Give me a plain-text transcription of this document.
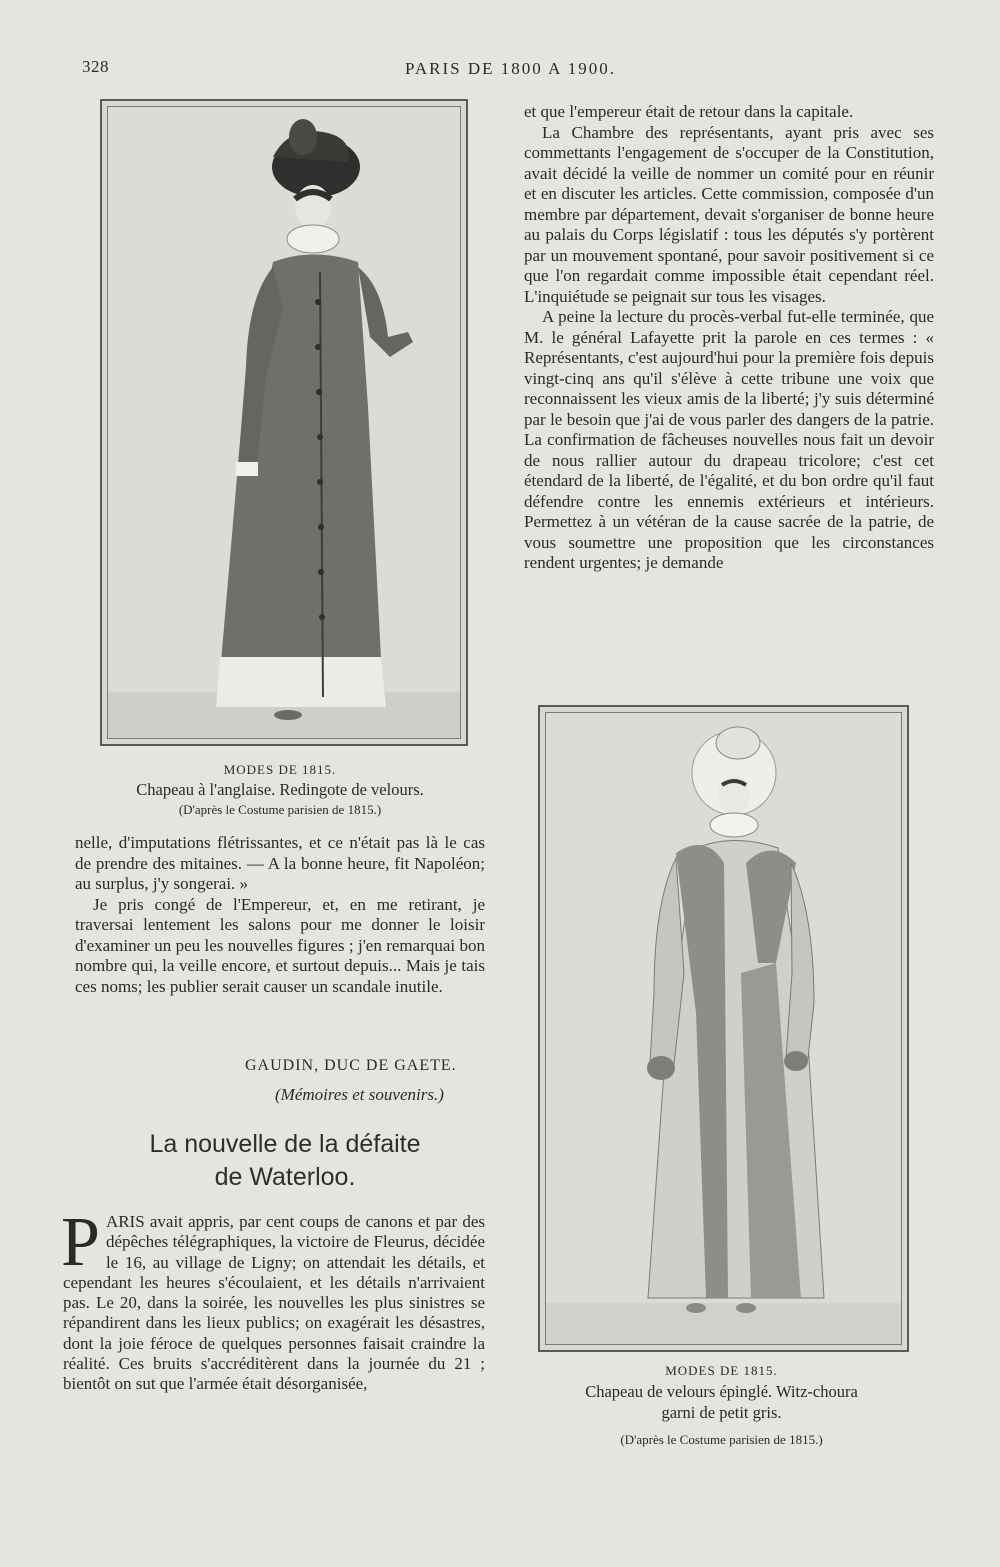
328	PARIS DE 1800 A 1900.
MODES DE 1815.
Chapeau à l'anglaise. Redingote de velours.
(D'après le Costume parisien de 1815.)

et que l'empereur était de retour dans la capitale.

La Chambre des représentants, ayant pris avec ses commettants l'engagement de s'occuper de la Constitution, avait décidé la veille de nommer un comité pour en réunir et en discuter les articles. Cette commission, composée d'un membre par département, devait s'organiser de bonne heure au palais du Corps législatif : tous les députés s'y portèrent par un mouvement spontané, pour savoir positivement si ce que l'on regardait comme impossible était cependant réel. L'inquiétude se peignait sur tous les visages.

A peine la lecture du procès-verbal fut-elle terminée, que M. le général Lafayette prit la parole en ces termes : « Représentants, c'est aujourd'hui pour la première fois depuis vingt-cinq ans qu'il s'élève à cette tribune une voix que reconnaissent les vieux amis de la liberté; j'y suis déterminé par le besoin que j'ai de vous parler des dangers de la patrie. La confirmation de fâcheuses nouvelles nous fait un devoir de nous rallier autour du drapeau tricolore; c'est cet étendard de la liberté, de l'égalité, et du bon ordre qu'il faut défendre contre les ennemis extérieurs et intérieurs. Permettez à un vétéran de la cause sacrée de la patrie, de vous soumettre une proposition que les circonstances rendent urgentes; je demande

nelle, d'imputations flétrissantes, et ce n'était pas là le cas de prendre des mitaines. — A la bonne heure, fit Napoléon; au surplus, j'y songerai. »

Je pris congé de l'Empereur, et, en me retirant, je traversai lentement les salons pour me donner le loisir d'examiner un peu les nouvelles figures ; j'en remarquai bon nombre qui, la veille encore, et surtout depuis... Mais je tais ces noms; les publier serait causer un scandale inutile.

GAUDIN, DUC DE GAETE.
(Mémoires et souvenirs.)
La nouvelle de la défaite
de Waterloo.

PARIS avait appris, par cent coups de canons et par des dépêches télégraphiques, la victoire de Fleurus, décidée le 16, au village de Ligny; on attendait les détails, et cependant les heures s'écoulaient, et les détails n'arrivaient pas. Le 20, dans la soirée, les nouvelles les plus sinistres se répandirent dans les lieux publics; on exagérait les désastres, dont la joie féroce de quelques personnes faisait craindre la réalité. Ces bruits s'accréditèrent dans la journée du 21 ; bientôt on sut que l'armée était désorganisée,

MODES DE 1815.
Chapeau de velours épinglé. Witz-choura
garni de petit gris.
(D'après le Costume parisien de 1815.)
